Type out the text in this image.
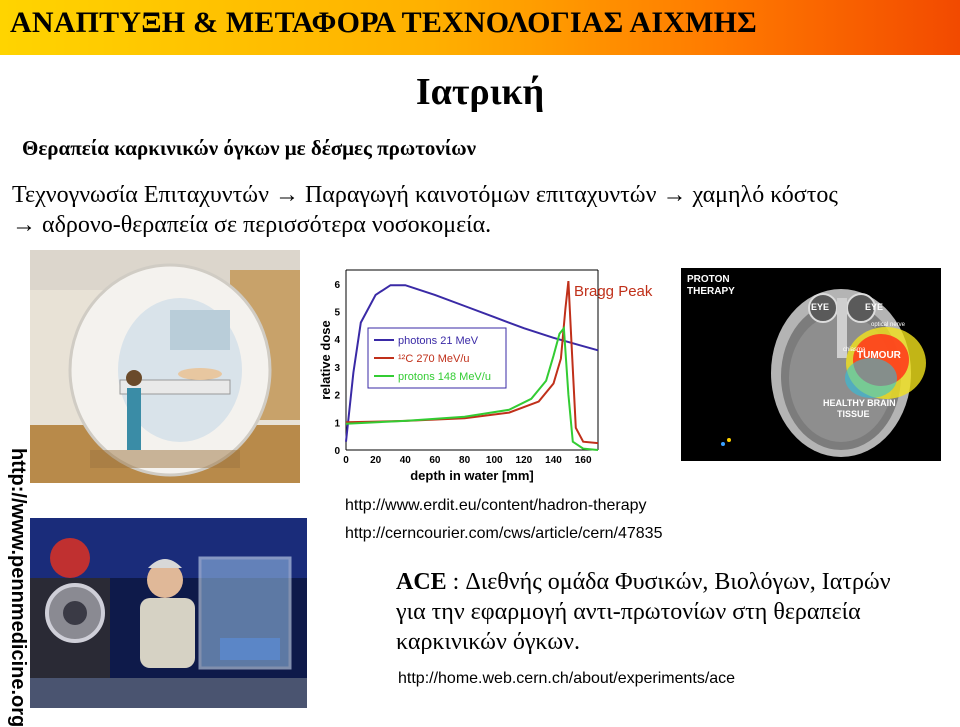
ΑΝΑΠΤΥΞΗ & ΜΕΤΑΦΟΡΑ ΤΕΧΝΟΛΟΓΙΑΣ ΑΙΧΜΗΣ
Ιατρική
Θεραπεία καρκινικών όγκων με δέσμες πρωτονίων
Τεχνογνωσία Επιταχυντών → Παραγωγή καινοτόμων επιταχυντών → χαμηλό κόστος
→ αδρονο-θεραπεία σε περισσότερα νοσοκομεία.
http://www.pennmedicine.org	0 20 40 60 80 100 120 140 160
0
1
2
3
4
5
6	Bragg Peak
relative dose
depth in water [mm]
photons 21 MeV
¹²C 270 MeV/u
protons 148 MeV/u
PROTON
THERAPY
EYE	EYE
optical nerve
chiasma
TUMOUR
HEALTHY BRAIN
TISSUE
http://www.erdit.eu/content/hadron-therapy
http://cerncourier.com/cws/article/cern/47835
ACE : Διεθνής ομάδα Φυσικών, Βιολόγων, Ιατρών
για την εφαρμογή αντι-πρωτονίων στη θεραπεία
καρκινικών όγκων.
http://home.web.cern.ch/about/experiments/ace
